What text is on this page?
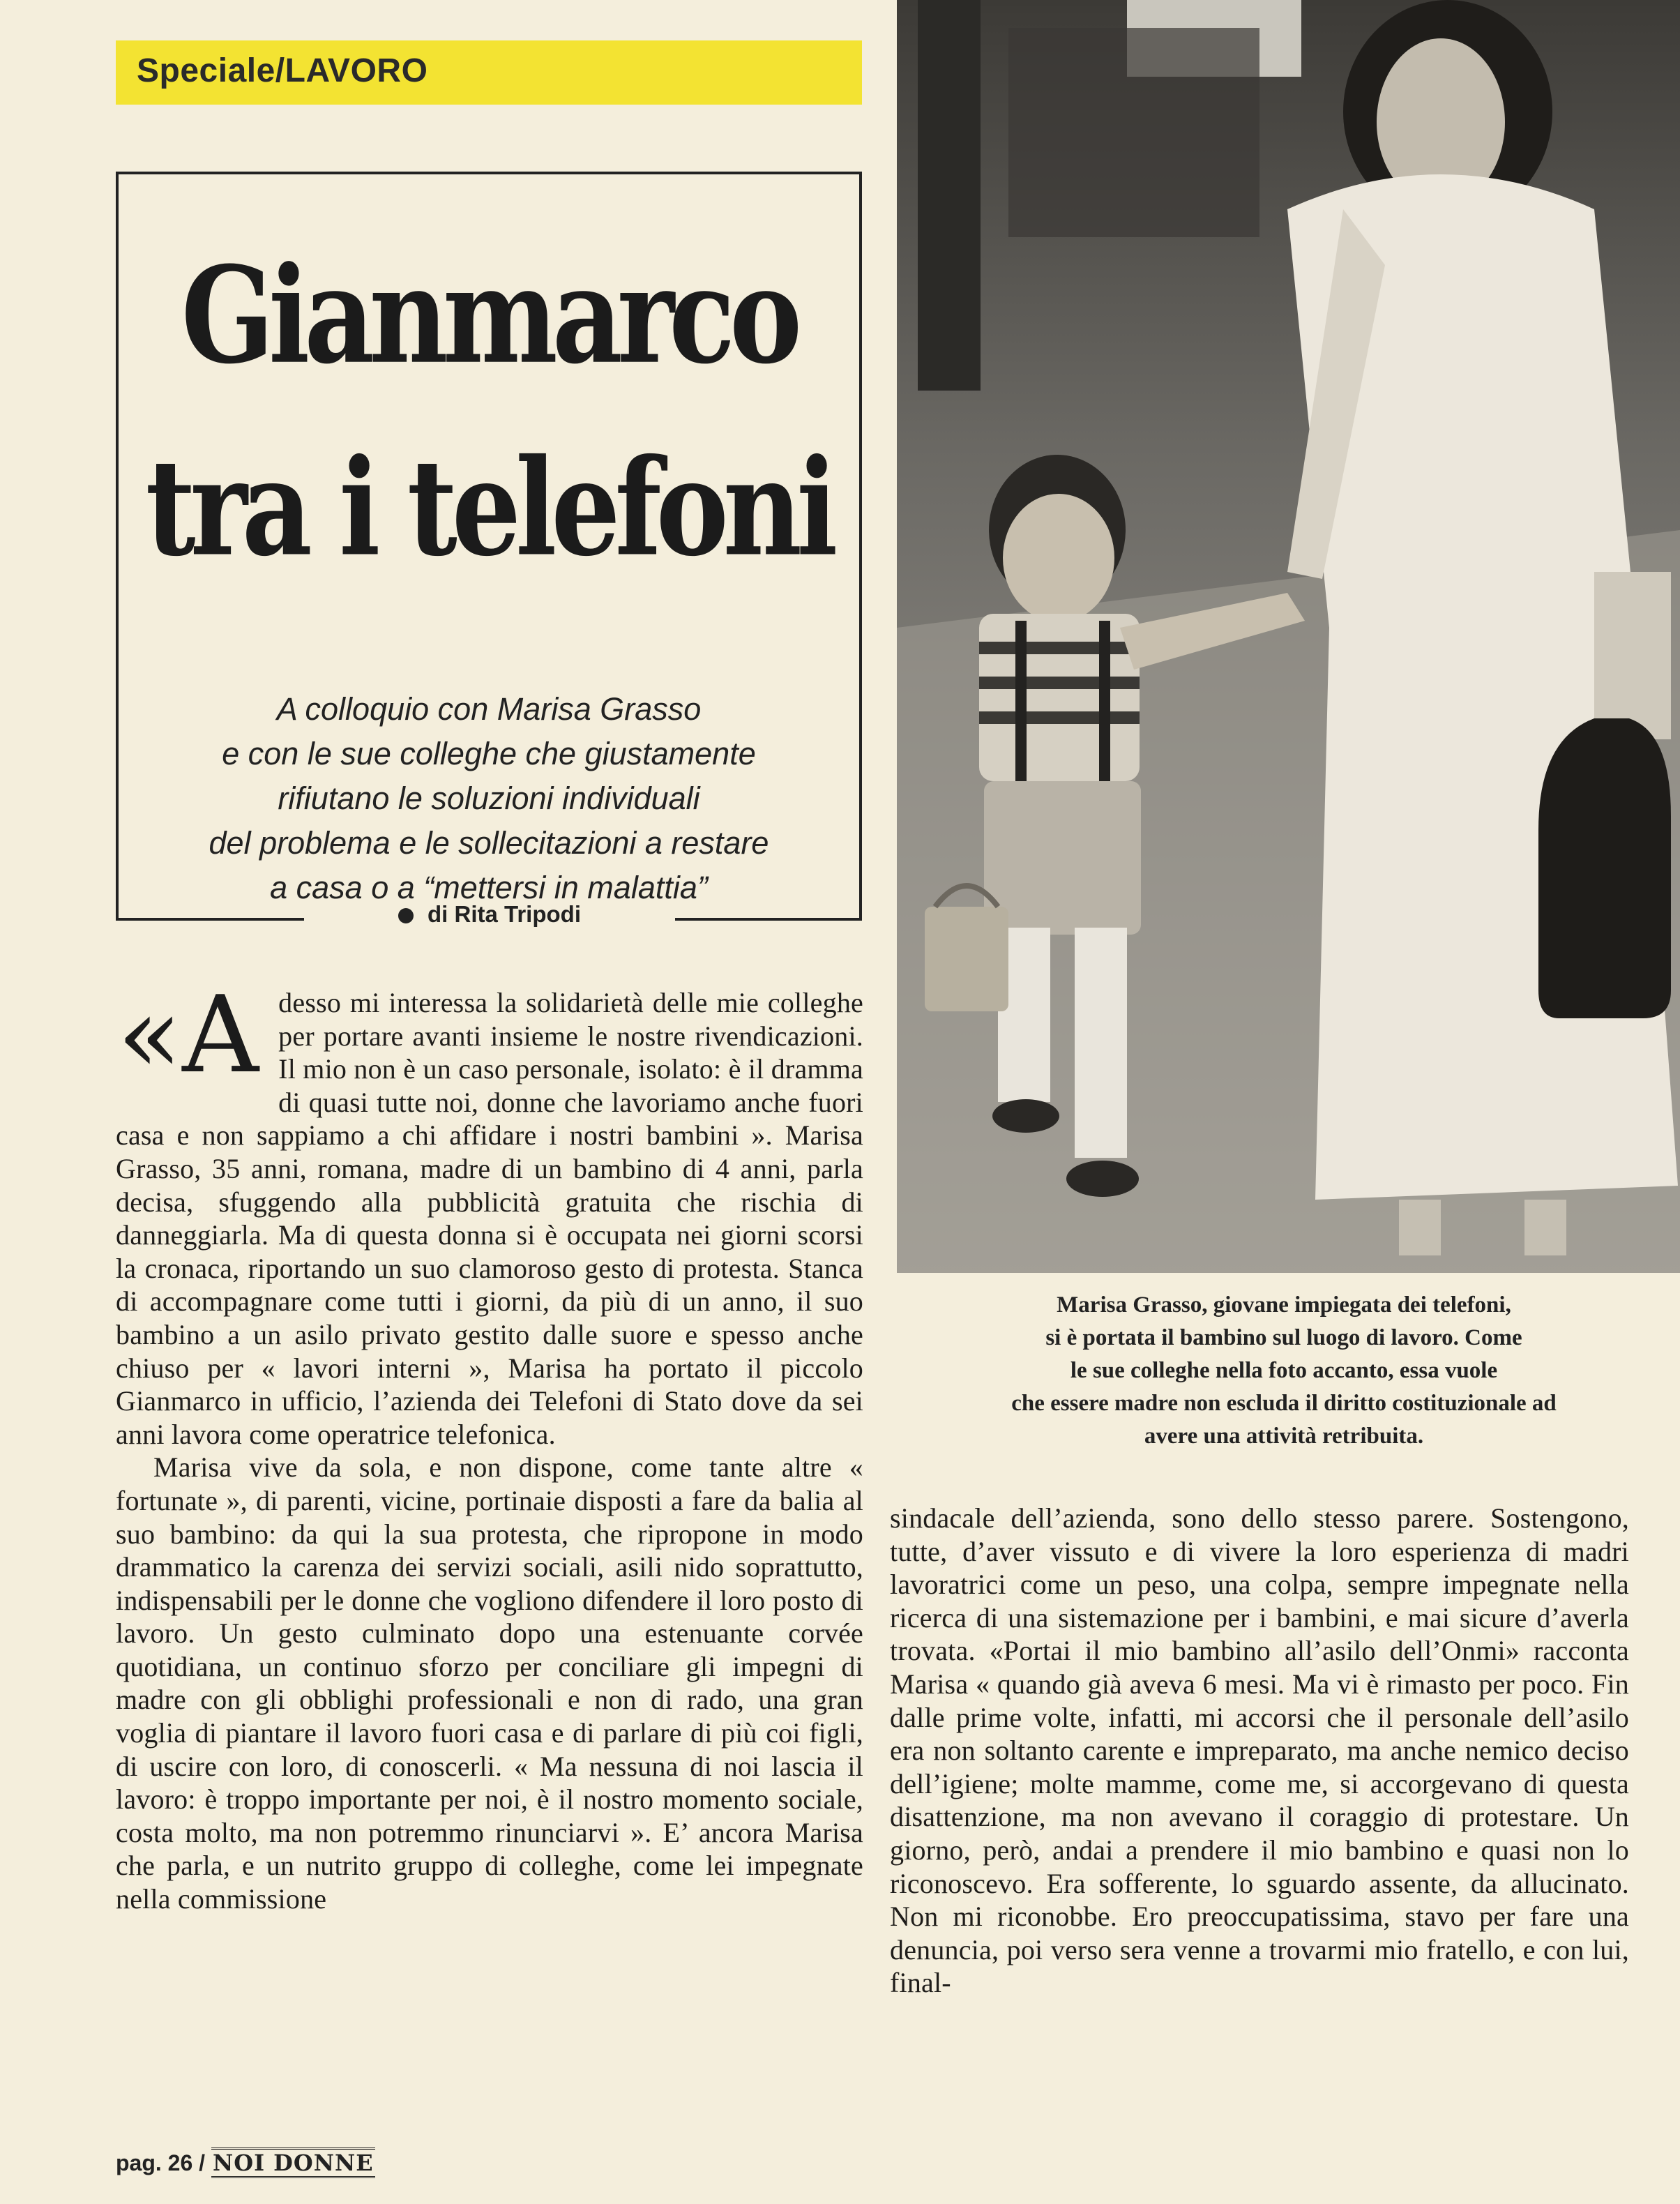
Speciale/LAVORO
Gianmarco
tra i telefoni
A colloquio con Marisa Grasso
e con le sue colleghe che giustamente
rifiutano le soluzioni individuali
del problema e le sollecitazioni a restare
a casa o a “mettersi in malattia”
di Rita Tripodi
«A desso mi interessa la solidarietà delle mie colleghe per portare avanti insieme le nostre rivendicazioni. Il mio non è un caso personale, isolato: è il dramma di quasi tutte noi, donne che lavoriamo anche fuori casa e non sappiamo a chi affidare i nostri bambini ». Marisa Grasso, 35 anni, romana, madre di un bambino di 4 anni, parla decisa, sfuggendo alla pubblicità gratuita che rischia di danneggiarla. Ma di questa donna si è occupata nei giorni scorsi la cronaca, riportando un suo clamoroso gesto di protesta. Stanca di accompagnare come tutti i giorni, da più di un anno, il suo bambino a un asilo privato gestito dalle suore e spesso anche chiuso per « lavori interni », Marisa ha portato il piccolo Gianmarco in ufficio, l’azienda dei Telefoni di Stato dove da sei anni lavora come operatrice telefonica.

Marisa vive da sola, e non dispone, come tante altre « fortunate », di parenti, vicine, portinaie disposti a fare da balia al suo bambino: da qui la sua protesta, che ripropone in modo drammatico la carenza dei servizi sociali, asili nido soprattutto, indispensabili per le donne che vogliono difendere il loro posto di lavoro. Un gesto culminato dopo una estenuante corvée quotidiana, un continuo sforzo per conciliare gli impegni di madre con gli obblighi professionali e non di rado, una gran voglia di piantare il lavoro fuori casa e di parlare di più coi figli, di uscire con loro, di conoscerli. « Ma nessuna di noi lascia il lavoro: è troppo importante per noi, è il nostro momento sociale, costa molto, ma non potremmo rinunciarvi ». E’ ancora Marisa che parla, e un nutrito gruppo di colleghe, come lei impegnate nella commissione

Marisa Grasso, giovane impiegata dei telefoni,
si è portata il bambino sul luogo di lavoro. Come
le sue colleghe nella foto accanto, essa vuole
che essere madre non escluda il diritto costituzionale ad
avere una attività retribuita.

sindacale dell’azienda, sono dello stesso parere. Sostengono, tutte, d’aver vissuto e di vivere la loro esperienza di madri lavoratrici come un peso, una colpa, sempre impegnate nella ricerca di una sistemazione per i bambini, e mai sicure d’averla trovata. «Portai il mio bambino all’asilo dell’Onmi» racconta Marisa « quando già aveva 6 mesi. Ma vi è rimasto per poco. Fin dalle prime volte, infatti, mi accorsi che il personale dell’asilo era non soltanto carente e impreparato, ma anche nemico deciso dell’igiene; molte mamme, come me, si accorgevano di questa disattenzione, ma non avevano il coraggio di protestare. Un giorno, però, andai a prendere il mio bambino e quasi non lo riconoscevo. Era sofferente, lo sguardo assente, da allucinato. Non mi riconobbe. Ero preoccupatissima, stavo per fare una denuncia, poi verso sera venne a trovarmi mio fratello, e con lui, final-

pag. 26 / NOI DONNE
